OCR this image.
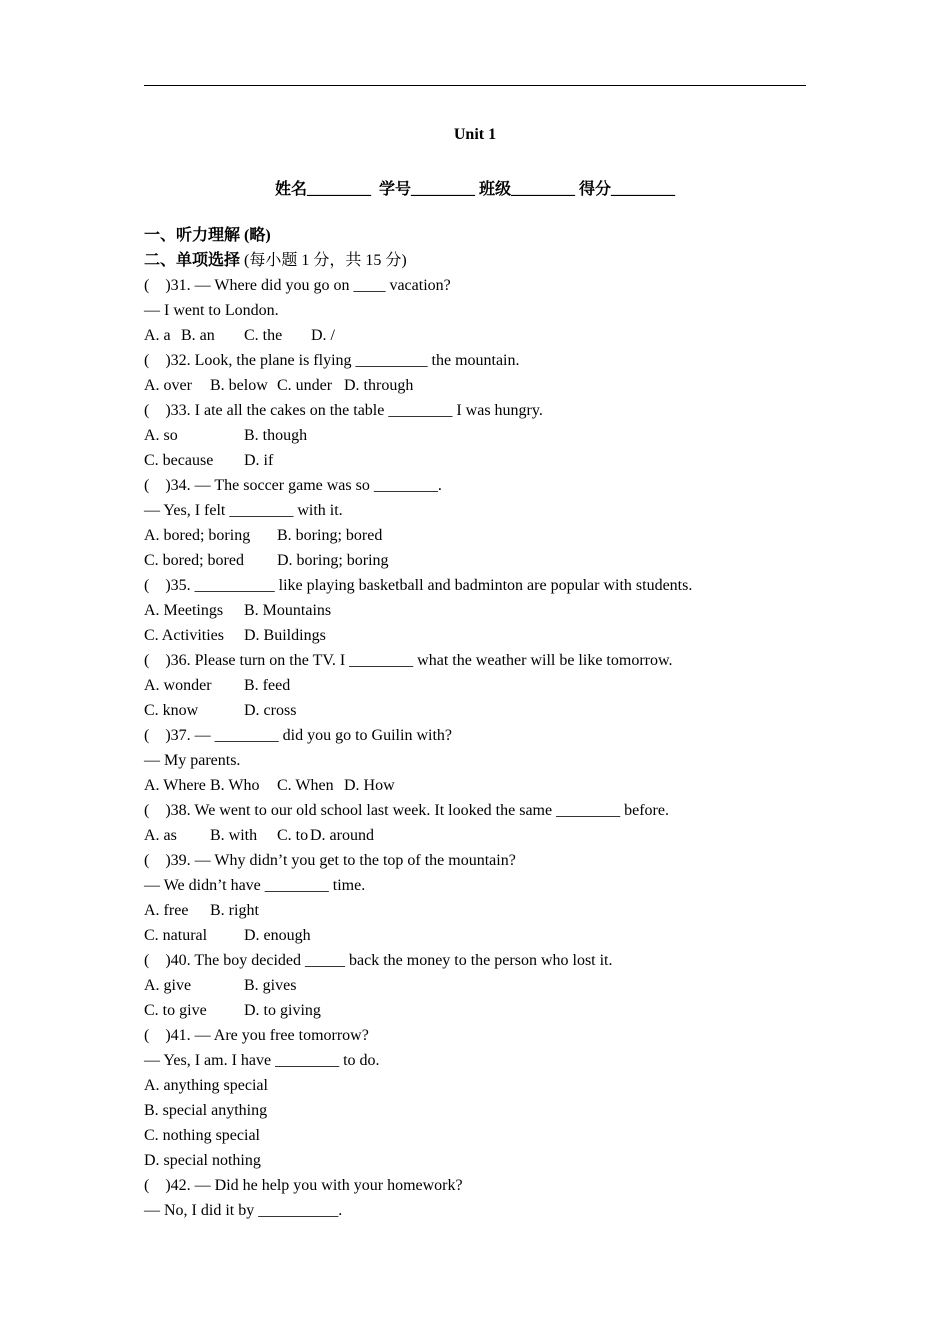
Unit 1
姓名________  学号________ 班级________ 得分________
一、听力理解 (略)
二、单项选择 (每小题 1 分，共 15 分)
(    )31. — Where did you go on ____ vacation?
— I went to London.
A. a B. an C. the D. /
(    )32. Look, the plane is flying _________ the mountain.
A. over B. below C. under D. through
(    )33. I ate all the cakes on the table ________ I was hungry.
A. so	B. though
C. because D. if
(    )34. — The soccer game was so ________.
— Yes, I felt ________ with it.
A. bored; boring B. boring; bored
C. bored; bored D. boring; boring
(    )35. __________ like playing basketball and badminton are popular with students.
A. Meetings B. Mountains
C. Activities D. Buildings
(    )36. Please turn on the TV. I ________ what the weather will be like tomorrow.
A. wonder B. feed
C. know	D. cross
(    )37. — ________ did you go to Guilin with?
— My parents.
A. Where B. Who C. When D. How
(    )38. We went to our old school last week. It looked the same ________ before.
A. as B. with C. to D. around
(    )39. — Why didn’t you get to the top of the mountain?
— We didn’t have ________ time.
A. free B. right
C. natural D. enough
(    )40. The boy decided _____ back the money to the person who lost it.
A. give	B. gives
C. to give D. to giving
(    )41. — Are you free tomorrow?
— Yes, I am. I have ________ to do.
A. anything special
B. special anything
C. nothing special
D. special nothing
(    )42. — Did he help you with your homework?
— No, I did it by __________.
